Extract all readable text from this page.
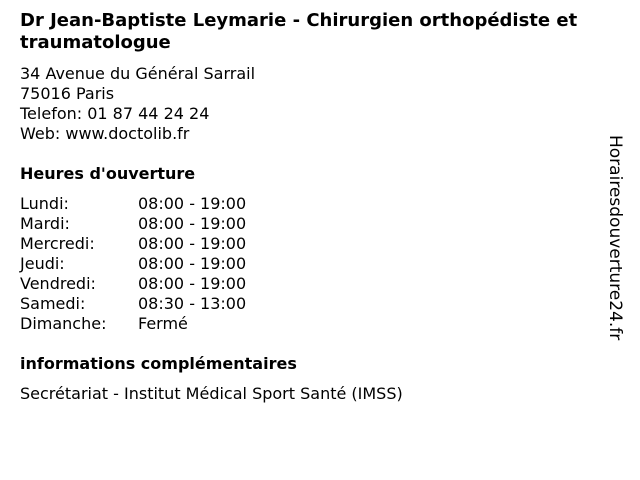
Dr Jean-Baptiste Leymarie - Chirurgien orthopédiste et traumatologue
34 Avenue du Général Sarrail
75016 Paris
Telefon: 01 87 44 24 24
Web: www.doctolib.fr
Heures d'ouverture
Lundi:	08:00 - 19:00
Mardi:	08:00 - 19:00
Mercredi:	08:00 - 19:00
Jeudi:	08:00 - 19:00
Vendredi:	08:00 - 19:00
Samedi:	08:30 - 13:00
Dimanche: Fermé
informations complémentaires
Secrétariat - Institut Médical Sport Santé (IMSS)
Horairesdouverture24.fr
